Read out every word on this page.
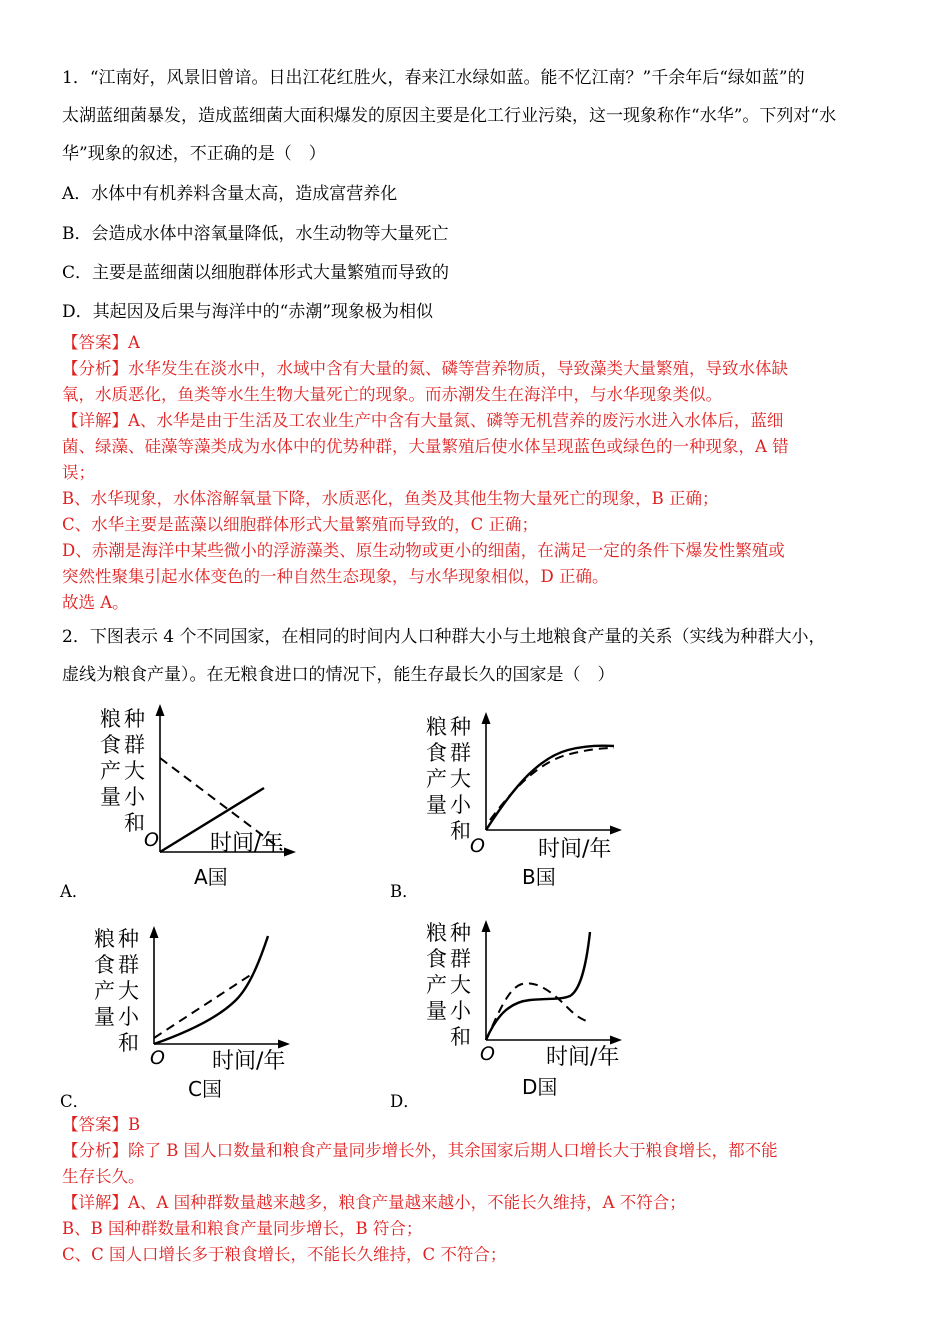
1．“江南好，风景旧曾谙。日出江花红胜火，春来江水绿如蓝。能不忆江南？”千余年后“绿如蓝”的
太湖蓝细菌暴发，造成蓝细菌大面积爆发的原因主要是化工行业污染，这一现象称作“水华”。下列对“水
华”现象的叙述，不正确的是（　）
A．水体中有机养料含量太高，造成富营养化
B．会造成水体中溶氧量降低，水生动物等大量死亡
C．主要是蓝细菌以细胞群体形式大量繁殖而导致的
D．其起因及后果与海洋中的“赤潮”现象极为相似
【答案】A
【分析】水华发生在淡水中，水域中含有大量的氮、磷等营养物质，导致藻类大量繁殖，导致水体缺
氧，水质恶化，鱼类等水生生物大量死亡的现象。而赤潮发生在海洋中，与水华现象类似。
【详解】A、水华是由于生活及工农业生产中含有大量氮、磷等无机营养的废污水进入水体后，蓝细
菌、绿藻、硅藻等藻类成为水体中的优势种群，大量繁殖后使水体呈现蓝色或绿色的一种现象，A 错
误；
B、水华现象，水体溶解氧量下降，水质恶化，鱼类及其他生物大量死亡的现象，B 正确；
C、水华主要是蓝藻以细胞群体形式大量繁殖而导致的，C 正确；
D、赤潮是海洋中某些微小的浮游藻类、原生动物或更小的细菌，在满足一定的条件下爆发性繁殖或
突然性聚集引起水体变色的一种自然生态现象，与水华现象相似，D 正确。
故选 A。
2．下图表示 4 个不同国家，在相同的时间内人口种群大小与土地粮食产量的关系（实线为种群大小，
虚线为粮食产量）。在无粮食进口的情况下，能生存最长久的国家是（　）
粮
食
产
量
种
群
大
小
和
O 时间/年
A国
A．
粮
食
产
量
种
群
大
小
和
O 时间/年
B国
B．
粮
食
产
量
种
群
大
小
和
O 时间/年
C国
C．
粮
食
产
量
种
群
大
小
和
O 时间/年
D国
D．
【答案】B
【分析】除了 B 国人口数量和粮食产量同步增长外，其余国家后期人口增长大于粮食增长，都不能
生存长久。
【详解】A、A 国种群数量越来越多，粮食产量越来越小，不能长久维持，A 不符合；
B、B 国种群数量和粮食产量同步增长，B 符合；
C、C 国人口增长多于粮食增长，不能长久维持，C 不符合；
